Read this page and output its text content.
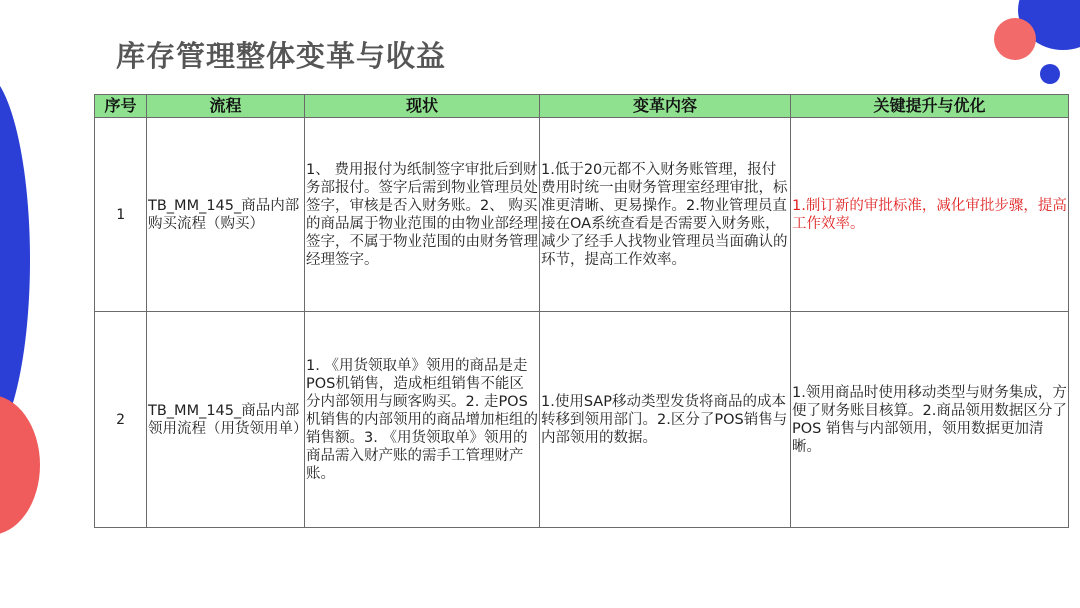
库存管理整体变革与收益
序号	流程	现状	变革内容	关键提升与优化
1	TB_MM_145_商品内部购买流程（购买）	1、 费用报付为纸制签字审批后到财务部报付。签字后需到物业管理员处签字，审核是否入财务账。2、 购买的商品属于物业范围的由物业部经理签字，不属于物业范围的由财务管理经理签字。	1.低于20元都不入财务账管理，报付费用时统一由财务管理室经理审批，标准更清晰、更易操作。2.物业管理员直接在OA系统查看是否需要入财务账，减少了经手人找物业管理员当面确认的环节，提高工作效率。	1.制订新的审批标准，减化审批步骤，提高工作效率。
2	TB_MM_145_商品内部领用流程（用货领用单）	1. 《用货领取单》领用的商品是走POS机销售，造成柜组销售不能区分内部领用与顾客购买。2. 走POS机销售的内部领用的商品增加柜组的销售额。3. 《用货领取单》领用的商品需入财产账的需手工管理财产账。	1.使用SAP移动类型发货将商品的成本转移到领用部门。2.区分了POS销售与内部领用的数据。	1.领用商品时使用移动类型与财务集成，方便了财务账目核算。2.商品领用数据区分了POS 销售与内部领用，领用数据更加清晰。
